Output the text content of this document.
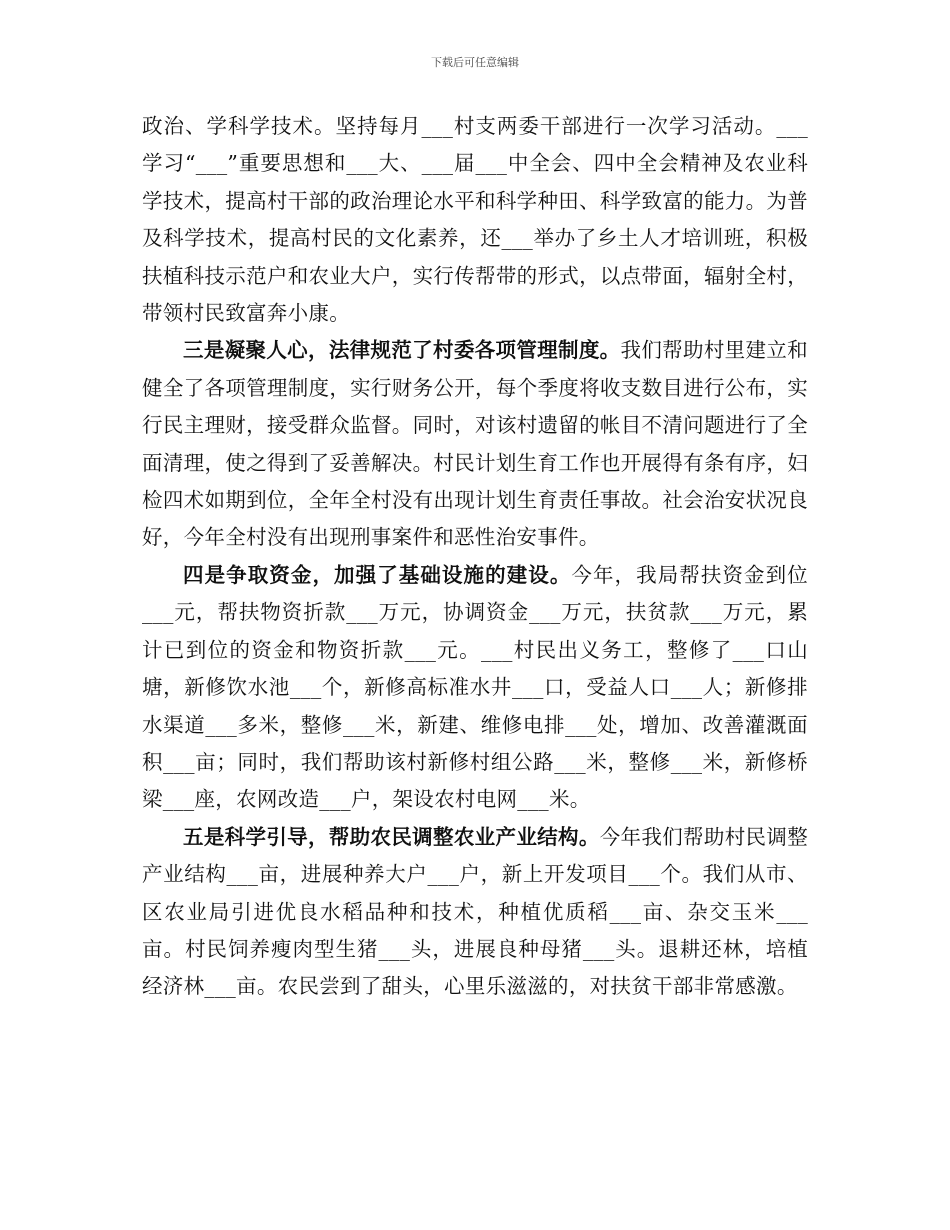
下载后可任意编辑

政治、学科学技术。坚持每月___村支两委干部进行一次学习活动。___学习“___”重要思想和___大、___届___中全会、四中全会精神及农业科学技术，提高村干部的政治理论水平和科学种田、科学致富的能力。为普及科学技术，提高村民的文化素养，还___举办了乡土人才培训班，积极扶植科技示范户和农业大户，实行传帮带的形式，以点带面，辐射全村，带领村民致富奔小康。

三是凝聚人心，法律规范了村委各项管理制度。我们帮助村里建立和健全了各项管理制度，实行财务公开，每个季度将收支数目进行公布，实行民主理财，接受群众监督。同时，对该村遗留的帐目不清问题进行了全面清理，使之得到了妥善解决。村民计划生育工作也开展得有条有序，妇检四术如期到位，全年全村没有出现计划生育责任事故。社会治安状况良好，今年全村没有出现刑事案件和恶性治安事件。

四是争取资金，加强了基础设施的建设。今年，我局帮扶资金到位___元，帮扶物资折款___万元，协调资金___万元，扶贫款___万元，累计已到位的资金和物资折款___元。___村民出义务工，整修了___口山塘，新修饮水池___个，新修高标准水井___口，受益人口___人；新修排水渠道___多米，整修___米，新建、维修电排___处，增加、改善灌溉面积___亩；同时，我们帮助该村新修村组公路___米，整修___米，新修桥梁___座，农网改造___户，架设农村电网___米。

五是科学引导，帮助农民调整农业产业结构。今年我们帮助村民调整产业结构___亩，进展种养大户___户，新上开发项目___个。我们从市、区农业局引进优良水稻品种和技术，种植优质稻___亩、杂交玉米___亩。村民饲养瘦肉型生猪___头，进展良种母猪___头。退耕还林，培植经济林___亩。农民尝到了甜头，心里乐滋滋的，对扶贫干部非常感激。
